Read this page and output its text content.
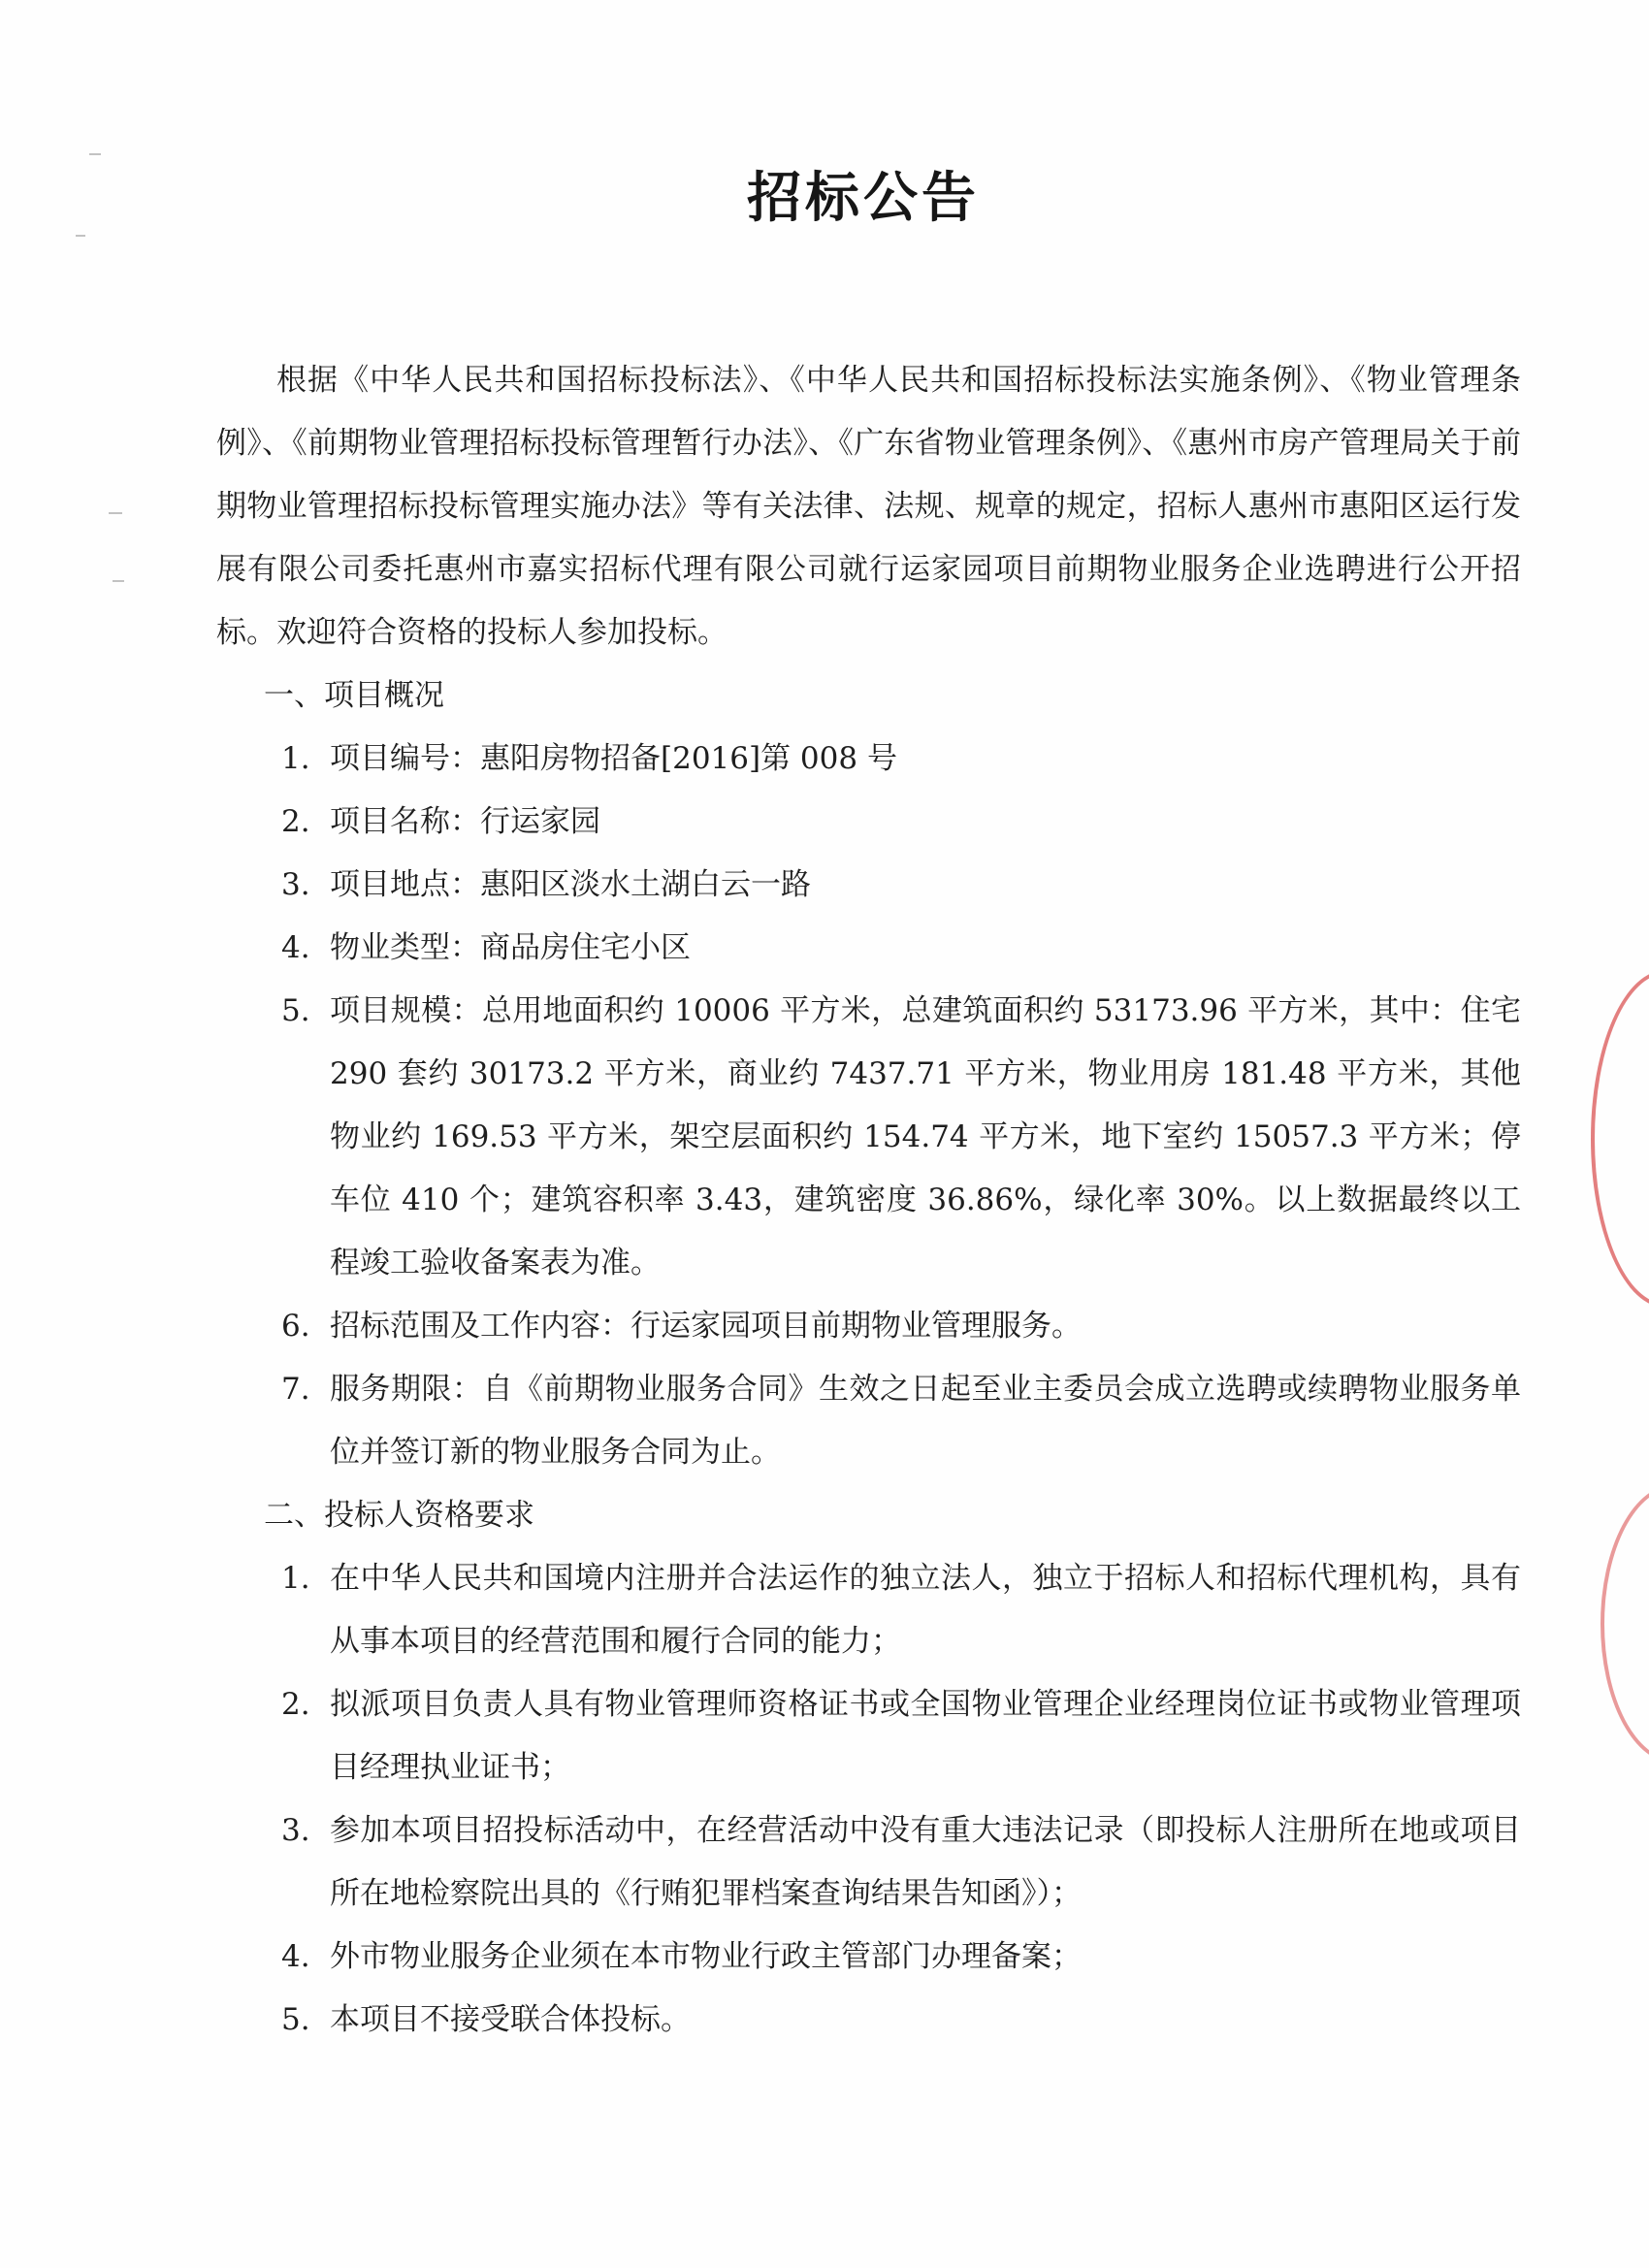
招标公告
根据《中华人民共和国招标投标法》、《中华人民共和国招标投标法实施条例》、《物业管理条例》、《前期物业管理招标投标管理暂行办法》、《广东省物业管理条例》、《惠州市房产管理局关于前期物业管理招标投标管理实施办法》等有关法律、法规、规章的规定，招标人惠州市惠阳区运行发展有限公司委托惠州市嘉实招标代理有限公司就行运家园项目前期物业服务企业选聘进行公开招标。欢迎符合资格的投标人参加投标。
一、项目概况
1. 项目编号：惠阳房物招备[2016]第 008 号
2. 项目名称：行运家园
3. 项目地点：惠阳区淡水土湖白云一路
4. 物业类型：商品房住宅小区
5. 项目规模：总用地面积约 10006 平方米，总建筑面积约 53173.96 平方米，其中：住宅 290 套约 30173.2 平方米，商业约 7437.71 平方米，物业用房 181.48 平方米，其他物业约 169.53 平方米，架空层面积约 154.74 平方米，地下室约 15057.3 平方米；停车位 410 个；建筑容积率 3.43，建筑密度 36.86%，绿化率 30%。以上数据最终以工程竣工验收备案表为准。
6. 招标范围及工作内容：行运家园项目前期物业管理服务。
7. 服务期限：自《前期物业服务合同》生效之日起至业主委员会成立选聘或续聘物业服务单位并签订新的物业服务合同为止。
二、投标人资格要求
1. 在中华人民共和国境内注册并合法运作的独立法人，独立于招标人和招标代理机构，具有从事本项目的经营范围和履行合同的能力；
2. 拟派项目负责人具有物业管理师资格证书或全国物业管理企业经理岗位证书或物业管理项目经理执业证书；
3. 参加本项目招投标活动中，在经营活动中没有重大违法记录（即投标人注册所在地或项目所在地检察院出具的《行贿犯罪档案查询结果告知函》）；
4. 外市物业服务企业须在本市物业行政主管部门办理备案；
5. 本项目不接受联合体投标。
